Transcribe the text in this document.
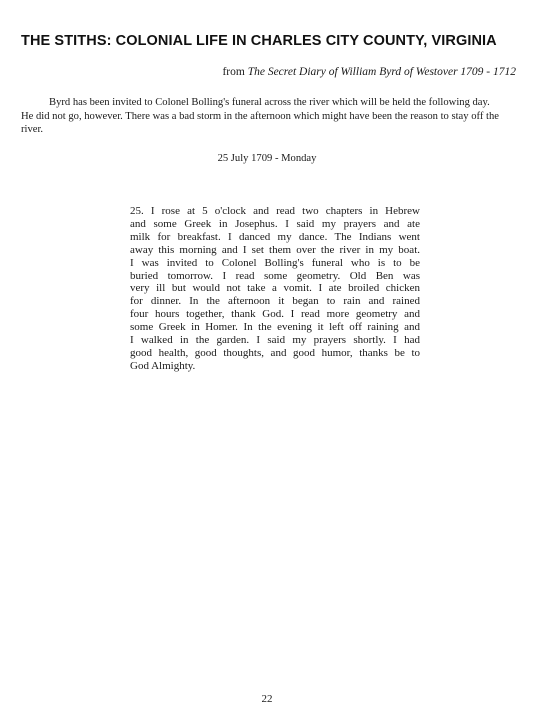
THE STITHS: COLONIAL LIFE IN CHARLES CITY COUNTY, VIRGINIA
from The Secret Diary of William Byrd of Westover 1709 - 1712

Byrd has been invited to Colonel Bolling's funeral across the river which will be held the following day. He did not go, however. There was a bad storm in the afternoon which might have been the reason to stay off the river.

25 July 1709 - Monday
25. I rose at 5 o'clock and read two chapters in Hebrew
and some Greek in Josephus. I said my prayers and ate
milk for breakfast. I danced my dance. The Indians went
away this morning and I set them over the river in my boat.
I was invited to Colonel Bolling's funeral who is to be
buried tomorrow. I read some geometry. Old Ben was
very ill but would not take a vomit. I ate broiled chicken
for dinner. In the afternoon it began to rain and rained
four hours together, thank God. I read more geometry and
some Greek in Homer. In the evening it left off raining and
I walked in the garden. I said my prayers shortly. I had
good health, good thoughts, and good humor, thanks be to
God Almighty.
22
